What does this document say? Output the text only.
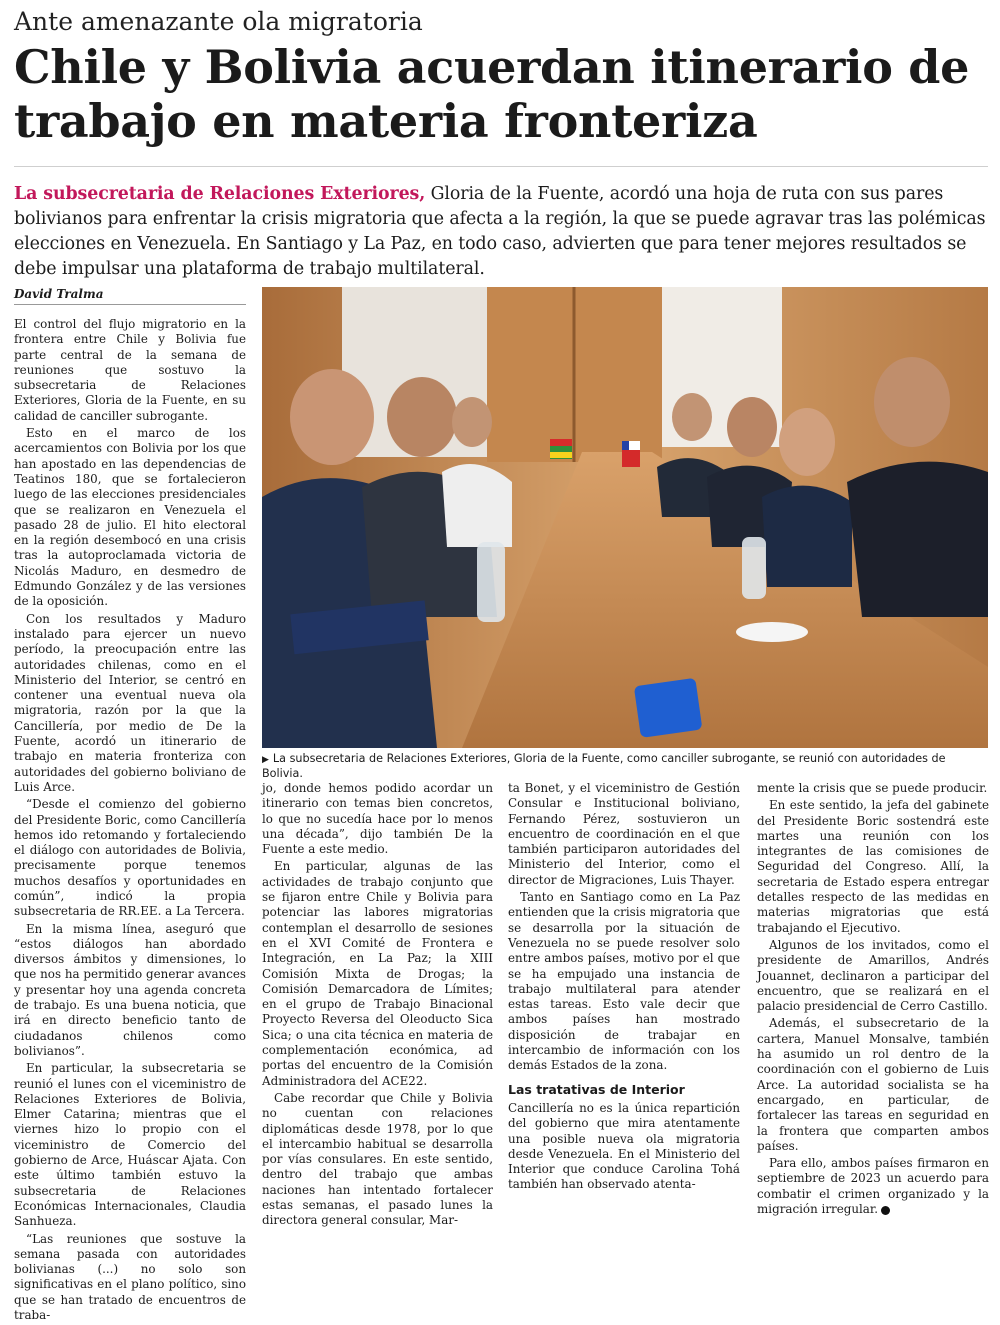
Ante amenazante ola migratoria
Chile y Bolivia acuerdan itinerario de trabajo en materia fronteriza

La subsecretaria de Relaciones Exteriores, Gloria de la Fuente, acordó una hoja de ruta con sus pares bolivianos para enfrentar la crisis migratoria que afecta a la región, la que se puede agravar tras las polémicas elecciones en Venezuela. En Santiago y La Paz, en todo caso, advierten que para tener mejores resultados se debe impulsar una plataforma de trabajo multilateral.

David Tralma

El control del flujo migratorio en la frontera entre Chile y Bolivia fue parte central de la semana de reuniones que sostuvo la subsecretaria de Relaciones Exteriores, Gloria de la Fuente, en su calidad de canciller subrogante.

Esto en el marco de los acercamientos con Bolivia por los que han apostado en las dependencias de Teatinos 180, que se fortalecieron luego de las elecciones presidenciales que se realizaron en Venezuela el pasado 28 de julio. El hito electoral en la región desembocó en una crisis tras la autoproclamada victoria de Nicolás Maduro, en desmedro de Edmundo González y de las versiones de la oposición.

Con los resultados y Maduro instalado para ejercer un nuevo período, la preocupación entre las autoridades chilenas, como en el Ministerio del Interior, se centró en contener una eventual nueva ola migratoria, razón por la que la Cancillería, por medio de De la Fuente, acordó un itinerario de trabajo en materia fronteriza con autoridades del gobierno boliviano de Luis Arce.

“Desde el comienzo del gobierno del Presidente Boric, como Cancillería hemos ido retomando y fortaleciendo el diálogo con autoridades de Bolivia, precisamente porque tenemos muchos desafíos y oportunidades en común”, indicó la propia subsecretaria de RR.EE. a La Tercera.

En la misma línea, aseguró que “estos diálogos han abordado diversos ámbitos y dimensiones, lo que nos ha permitido generar avances y presentar hoy una agenda concreta de trabajo. Es una buena noticia, que irá en directo beneficio tanto de ciudadanos chilenos como bolivianos”.

En particular, la subsecretaria se reunió el lunes con el viceministro de Relaciones Exteriores de Bolivia, Elmer Catarina; mientras que el viernes hizo lo propio con el viceministro de Comercio del gobierno de Arce, Huáscar Ajata. Con este último también estuvo la subsecretaria de Relaciones Económicas Internacionales, Claudia Sanhueza.

“Las reuniones que sostuve la semana pasada con autoridades bolivianas (...) no solo son significativas en el plano político, sino que se han tratado de encuentros de traba-

▶ La subsecretaria de Relaciones Exteriores, Gloria de la Fuente, como canciller subrogante, se reunió con autoridades de Bolivia.

jo, donde hemos podido acordar un itinerario con temas bien concretos, lo que no sucedía hace por lo menos una década”, dijo también De la Fuente a este medio.

En particular, algunas de las actividades de trabajo conjunto que se fijaron entre Chile y Bolivia para potenciar las labores migratorias contemplan el desarrollo de sesiones en el XVI Comité de Frontera e Integración, en La Paz; la XIII Comisión Mixta de Drogas; la Comisión Demarcadora de Límites; en el grupo de Trabajo Binacional Proyecto Reversa del Oleoducto Sica Sica; o una cita técnica en materia de complementación económica, ad portas del encuentro de la Comisión Administradora del ACE22.

Cabe recordar que Chile y Bolivia no cuentan con relaciones diplomáticas desde 1978, por lo que el intercambio habitual se desarrolla por vías consulares. En este sentido, dentro del trabajo que ambas naciones han intentado fortalecer estas semanas, el pasado lunes la directora general consular, Mar-

ta Bonet, y el viceministro de Gestión Consular e Institucional boliviano, Fernando Pérez, sostuvieron un encuentro de coordinación en el que también participaron autoridades del Ministerio del Interior, como el director de Migraciones, Luis Thayer.

Tanto en Santiago como en La Paz entienden que la crisis migratoria que se desarrolla por la situación de Venezuela no se puede resolver solo entre ambos países, motivo por el que se ha empujado una instancia de trabajo multilateral para atender estas tareas. Esto vale decir que ambos países han mostrado disposición de trabajar en intercambio de información con los demás Estados de la zona.

Las tratativas de Interior

Cancillería no es la única repartición del gobierno que mira atentamente una posible nueva ola migratoria desde Venezuela. En el Ministerio del Interior que conduce Carolina Tohá también han observado atenta-

mente la crisis que se puede producir.

En este sentido, la jefa del gabinete del Presidente Boric sostendrá este martes una reunión con los integrantes de las comisiones de Seguridad del Congreso. Allí, la secretaria de Estado espera entregar detalles respecto de las medidas en materias migratorias que está trabajando el Ejecutivo.

Algunos de los invitados, como el presidente de Amarillos, Andrés Jouannet, declinaron a participar del encuentro, que se realizará en el palacio presidencial de Cerro Castillo.

Además, el subsecretario de la cartera, Manuel Monsalve, también ha asumido un rol dentro de la coordinación con el gobierno de Luis Arce. La autoridad socialista se ha encargado, en particular, de fortalecer las tareas en seguridad en la frontera que comparten ambos países.

Para ello, ambos países firmaron en septiembre de 2023 un acuerdo para combatir el crimen organizado y la migración irregular.
